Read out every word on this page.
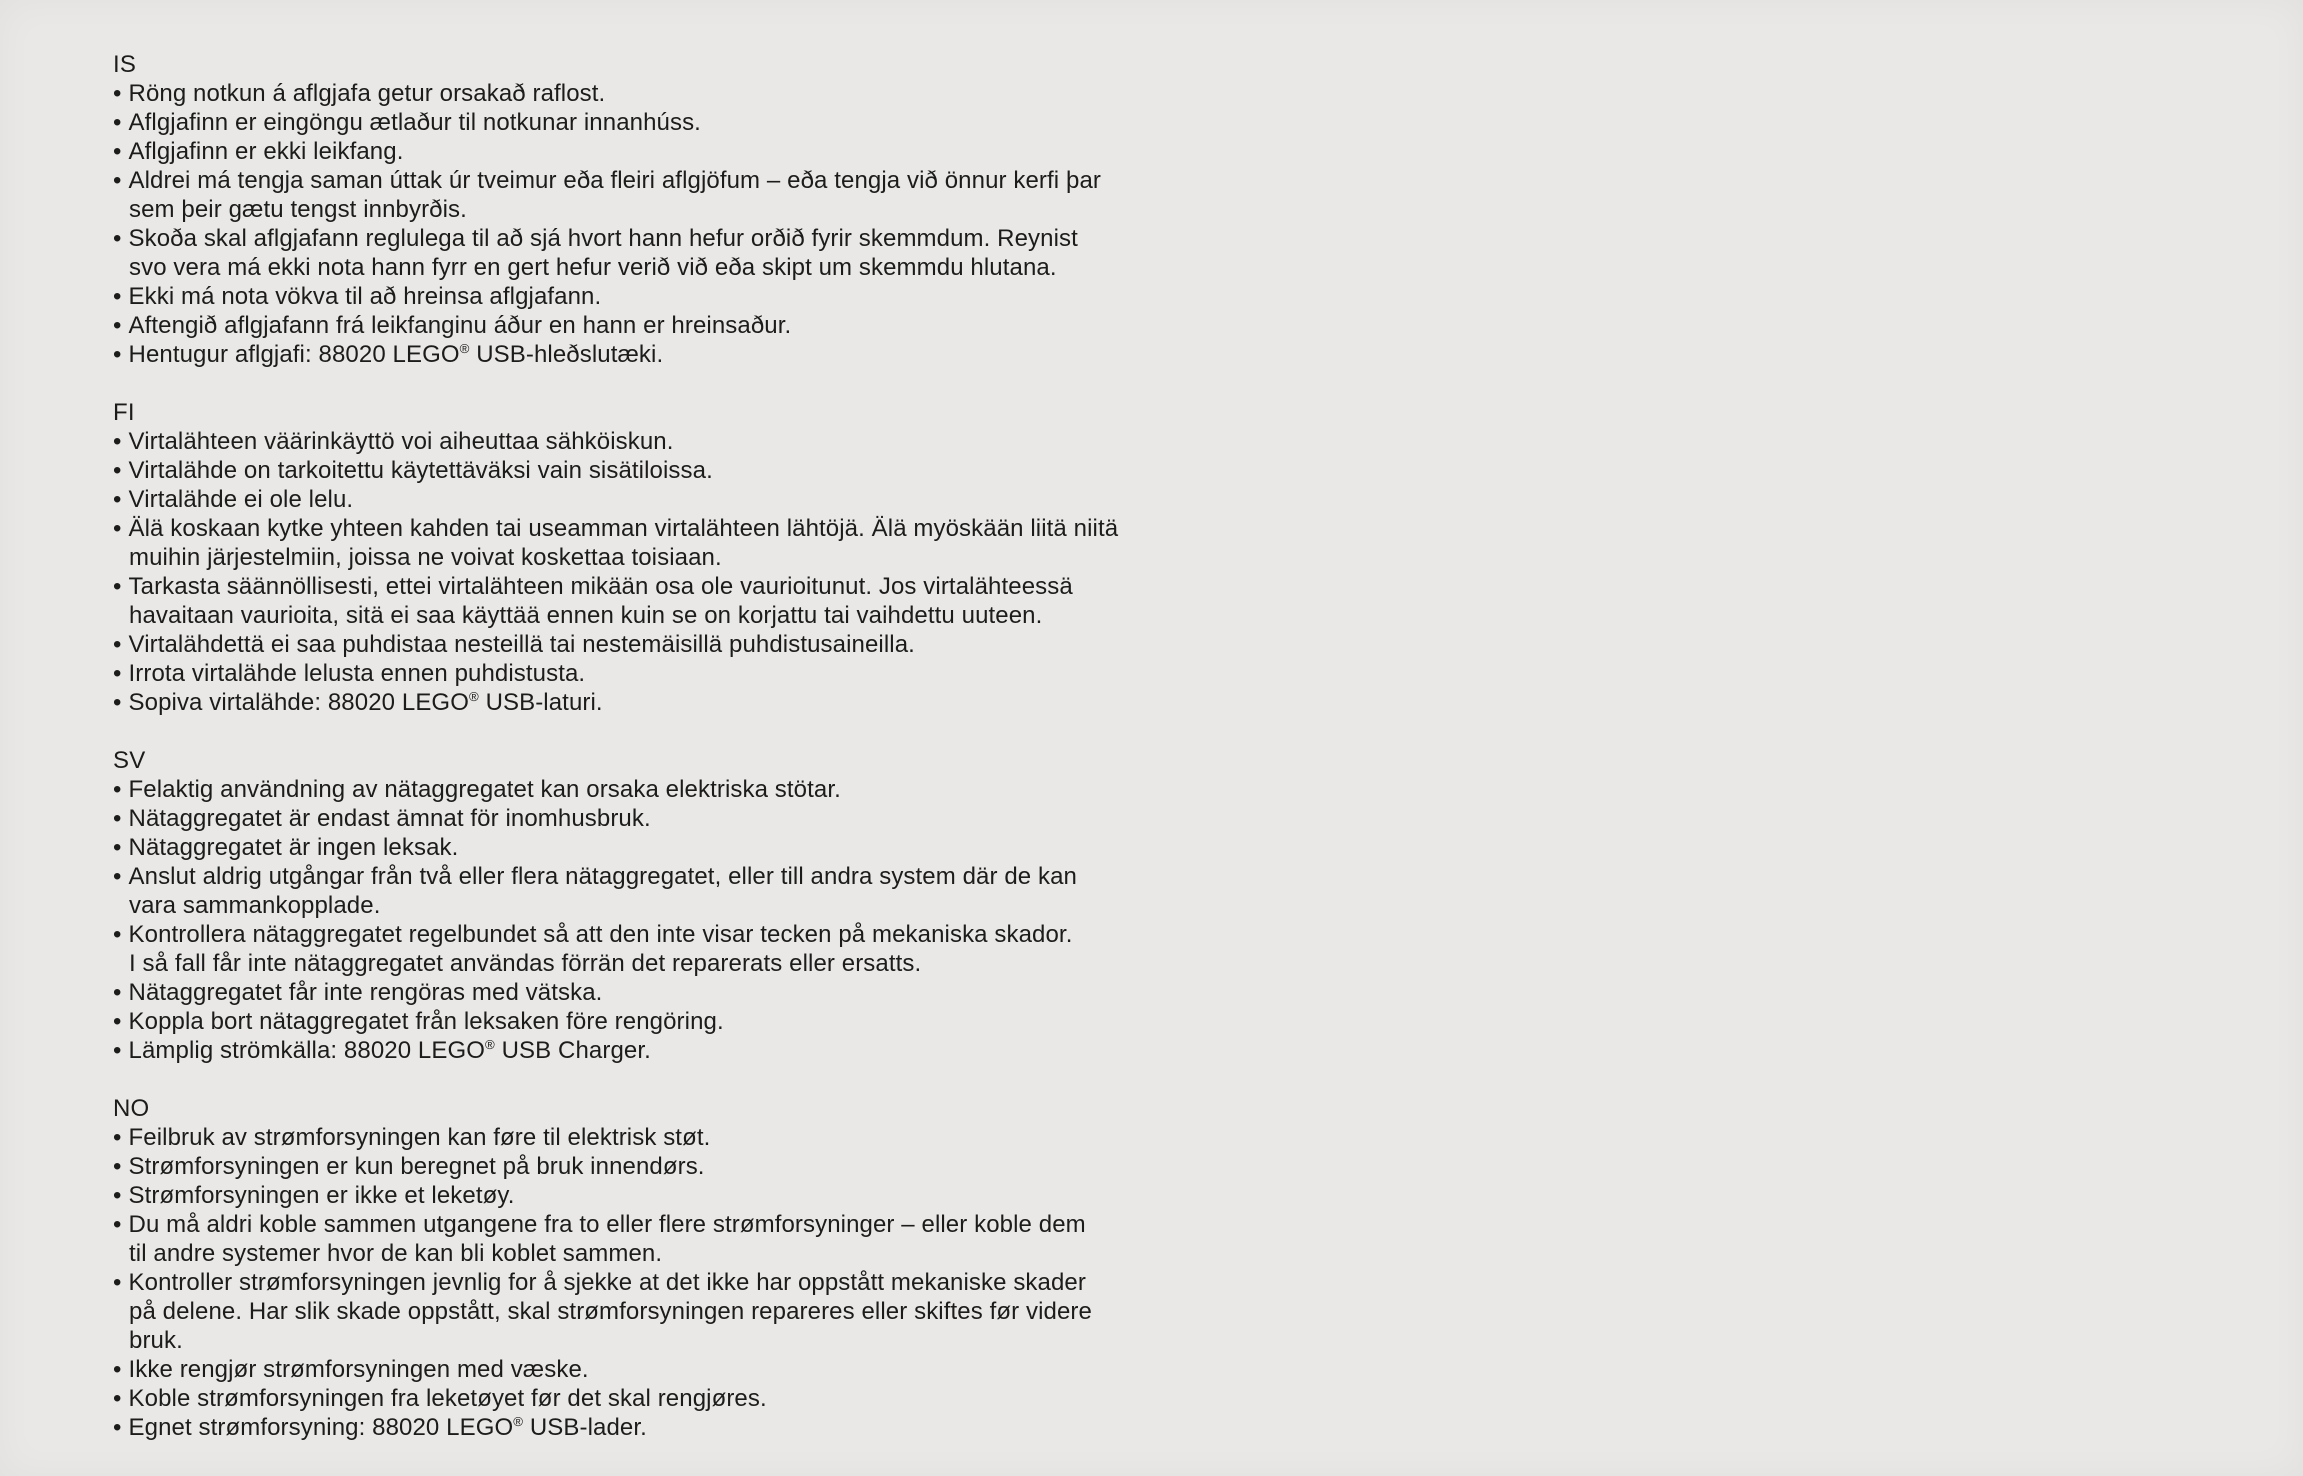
IS
• Röng notkun á aflgjafa getur orsakað raflost.
• Aflgjafinn er eingöngu ætlaður til notkunar innanhúss.
• Aflgjafinn er ekki leikfang.
• Aldrei má tengja saman úttak úr tveimur eða fleiri aflgjöfum – eða tengja við önnur kerfi þar
sem þeir gætu tengst innbyrðis.
• Skoða skal aflgjafann reglulega til að sjá hvort hann hefur orðið fyrir skemmdum. Reynist
svo vera má ekki nota hann fyrr en gert hefur verið við eða skipt um skemmdu hlutana.
• Ekki má nota vökva til að hreinsa aflgjafann.
• Aftengið aflgjafann frá leikfanginu áður en hann er hreinsaður.
• Hentugur aflgjafi: 88020 LEGO® USB-hleðslutæki.
FI
• Virtalähteen väärinkäyttö voi aiheuttaa sähköiskun.
• Virtalähde on tarkoitettu käytettäväksi vain sisätiloissa.
• Virtalähde ei ole lelu.
• Älä koskaan kytke yhteen kahden tai useamman virtalähteen lähtöjä. Älä myöskään liitä niitä
muihin järjestelmiin, joissa ne voivat koskettaa toisiaan.
• Tarkasta säännöllisesti, ettei virtalähteen mikään osa ole vaurioitunut. Jos virtalähteessä
havaitaan vaurioita, sitä ei saa käyttää ennen kuin se on korjattu tai vaihdettu uuteen.
• Virtalähdettä ei saa puhdistaa nesteillä tai nestemäisillä puhdistusaineilla.
• Irrota virtalähde lelusta ennen puhdistusta.
• Sopiva virtalähde: 88020 LEGO® USB-laturi.
SV
• Felaktig användning av nätaggregatet kan orsaka elektriska stötar.
• Nätaggregatet är endast ämnat för inomhusbruk.
• Nätaggregatet är ingen leksak.
• Anslut aldrig utgångar från två eller flera nätaggregatet, eller till andra system där de kan
vara sammankopplade.
• Kontrollera nätaggregatet regelbundet så att den inte visar tecken på mekaniska skador.
I så fall får inte nätaggregatet användas förrän det reparerats eller ersatts.
• Nätaggregatet får inte rengöras med vätska.
• Koppla bort nätaggregatet från leksaken före rengöring.
• Lämplig strömkälla: 88020 LEGO® USB Charger.
NO
• Feilbruk av strømforsyningen kan føre til elektrisk støt.
• Strømforsyningen er kun beregnet på bruk innendørs.
• Strømforsyningen er ikke et leketøy.
• Du må aldri koble sammen utgangene fra to eller flere strømforsyninger – eller koble dem
til andre systemer hvor de kan bli koblet sammen.
• Kontroller strømforsyningen jevnlig for å sjekke at det ikke har oppstått mekaniske skader
på delene. Har slik skade oppstått, skal strømforsyningen repareres eller skiftes før videre
bruk.
• Ikke rengjør strømforsyningen med væske.
• Koble strømforsyningen fra leketøyet før det skal rengjøres.
• Egnet strømforsyning: 88020 LEGO® USB-lader.
